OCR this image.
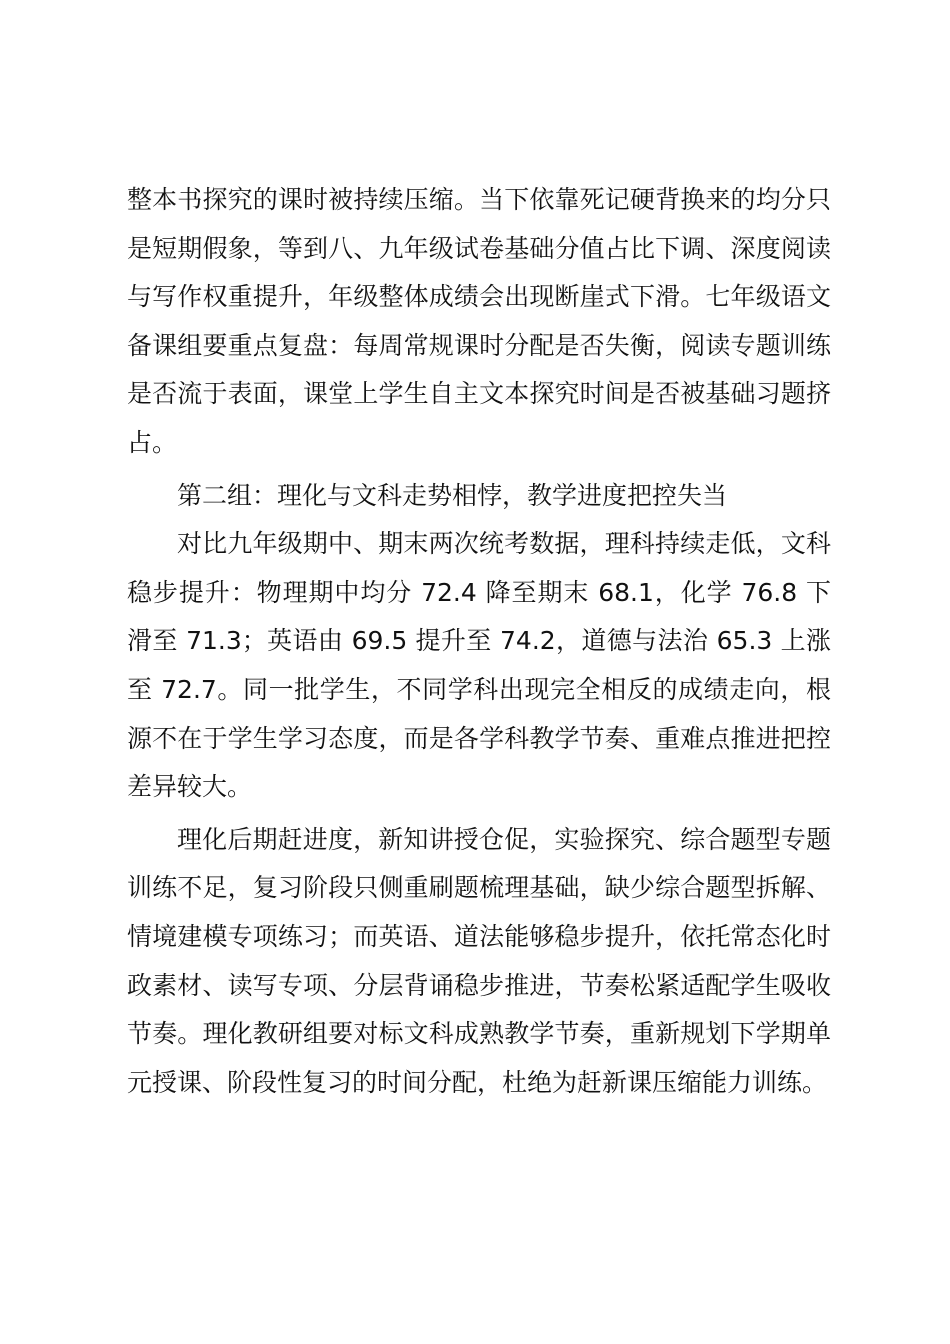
整本书探究的课时被持续压缩。当下依靠死记硬背换来的均分只是短期假象，等到八、九年级试卷基础分值占比下调、深度阅读与写作权重提升，年级整体成绩会出现断崖式下滑。七年级语文备课组要重点复盘：每周常规课时分配是否失衡，阅读专题训练是否流于表面，课堂上学生自主文本探究时间是否被基础习题挤占。

第二组：理化与文科走势相悖，教学进度把控失当

对比九年级期中、期末两次统考数据，理科持续走低，文科稳步提升：物理期中均分 72.4 降至期末 68.1，化学 76.8 下滑至 71.3；英语由 69.5 提升至 74.2，道德与法治 65.3 上涨至 72.7。同一批学生，不同学科出现完全相反的成绩走向，根源不在于学生学习态度，而是各学科教学节奏、重难点推进把控差异较大。

理化后期赶进度，新知讲授仓促，实验探究、综合题型专题训练不足，复习阶段只侧重刷题梳理基础，缺少综合题型拆解、情境建模专项练习；而英语、道法能够稳步提升，依托常态化时政素材、读写专项、分层背诵稳步推进，节奏松紧适配学生吸收节奏。理化教研组要对标文科成熟教学节奏，重新规划下学期单元授课、阶段性复习的时间分配，杜绝为赶新课压缩能力训练。
